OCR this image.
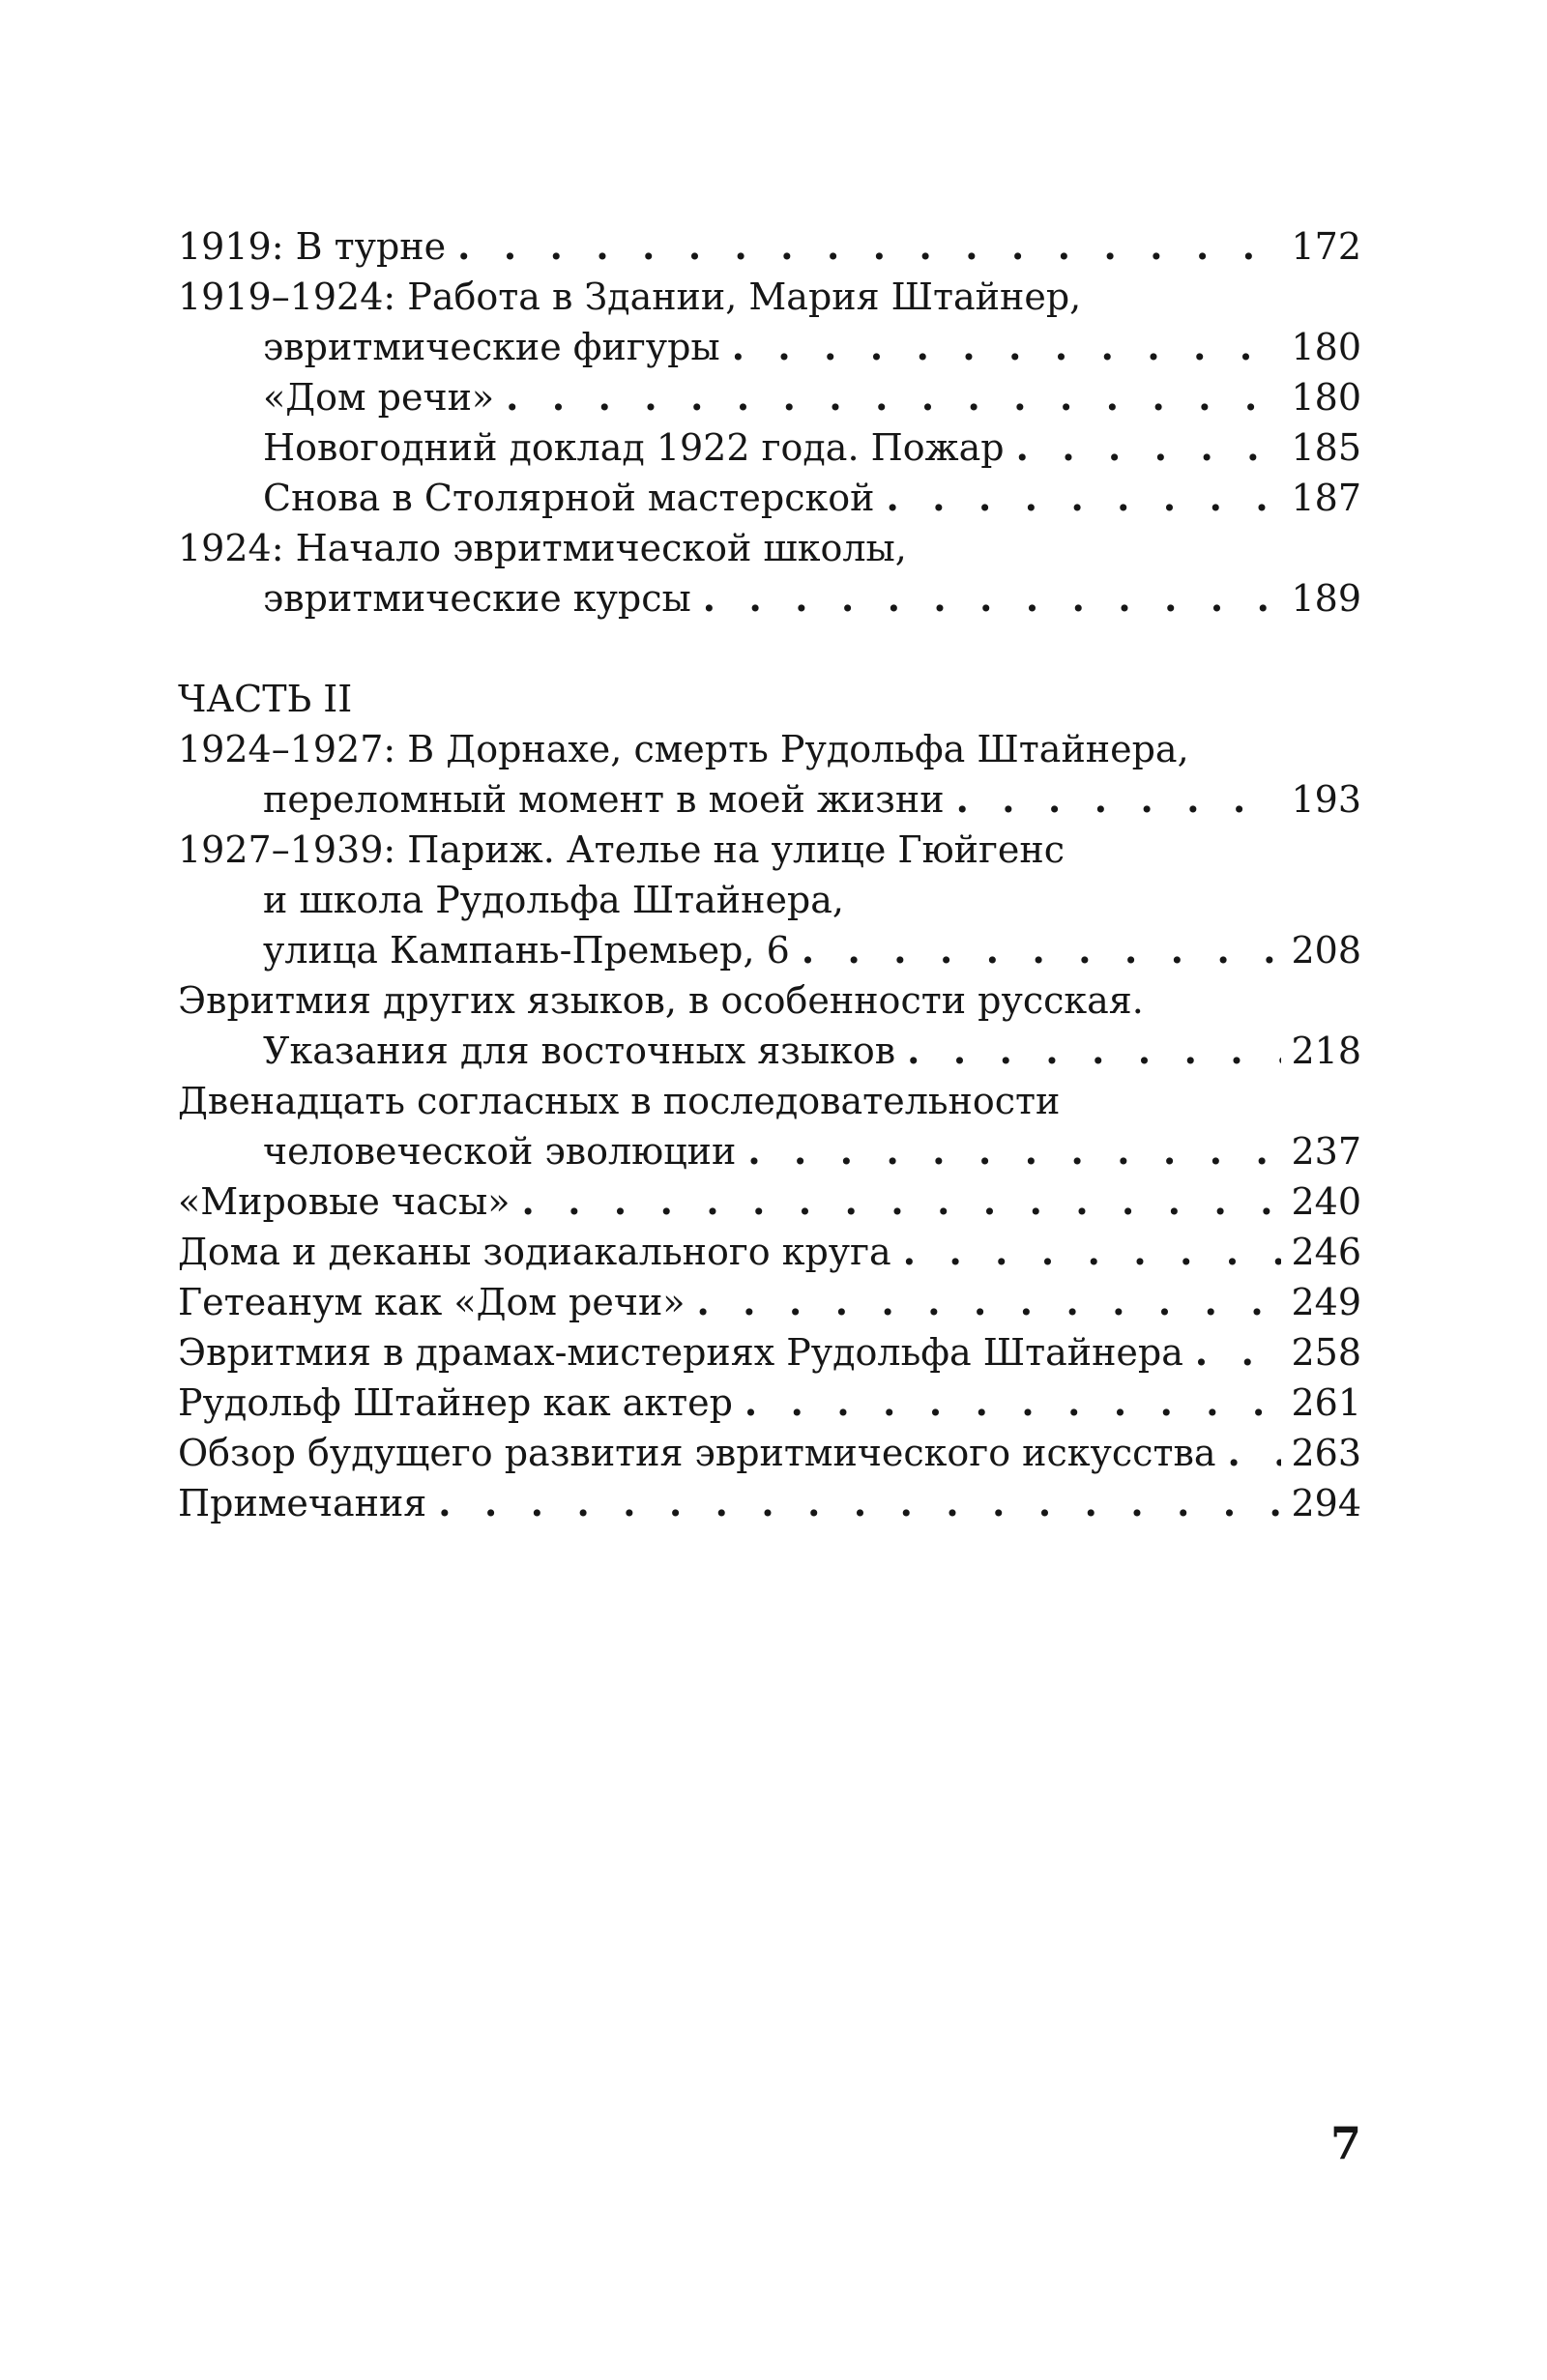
1919: В турне . . .	172
1919–1924: Работа в Здании, Мария Штайнер,
эвритмические фигуры . . .	180
«Дом речи» . . .	180
Новогодний доклад 1922 года. Пожар . . .	185
Снова в Столярной мастерской . . .	187
1924: Начало эвритмической школы,
эвритмические курсы . . .	189
ЧАСТЬ II
1924–1927: В Дорнахе, смерть Рудольфа Штайнера,
переломный момент в моей жизни . . .	193
1927–1939: Париж. Ателье на улице Гюйгенс
и школа Рудольфа Штайнера,
улица Кампань-Премьер, 6 . . .	208
Эвритмия других языков, в особенности русская.
Указания для восточных языков . . .	218
Двенадцать согласных в последовательности
человеческой эволюции . . .	237
«Мировые часы» . . .	240
Дома и деканы зодиакального круга . . .	246
Гетеанум как «Дом речи» . . .	249
Эвритмия в драмах-мистериях Рудольфа Штайнера . . .	258
Рудольф Штайнер как актер . . .	261
Обзор будущего развития эвритмического искусства . . .	263
Примечания . . .	294
7
